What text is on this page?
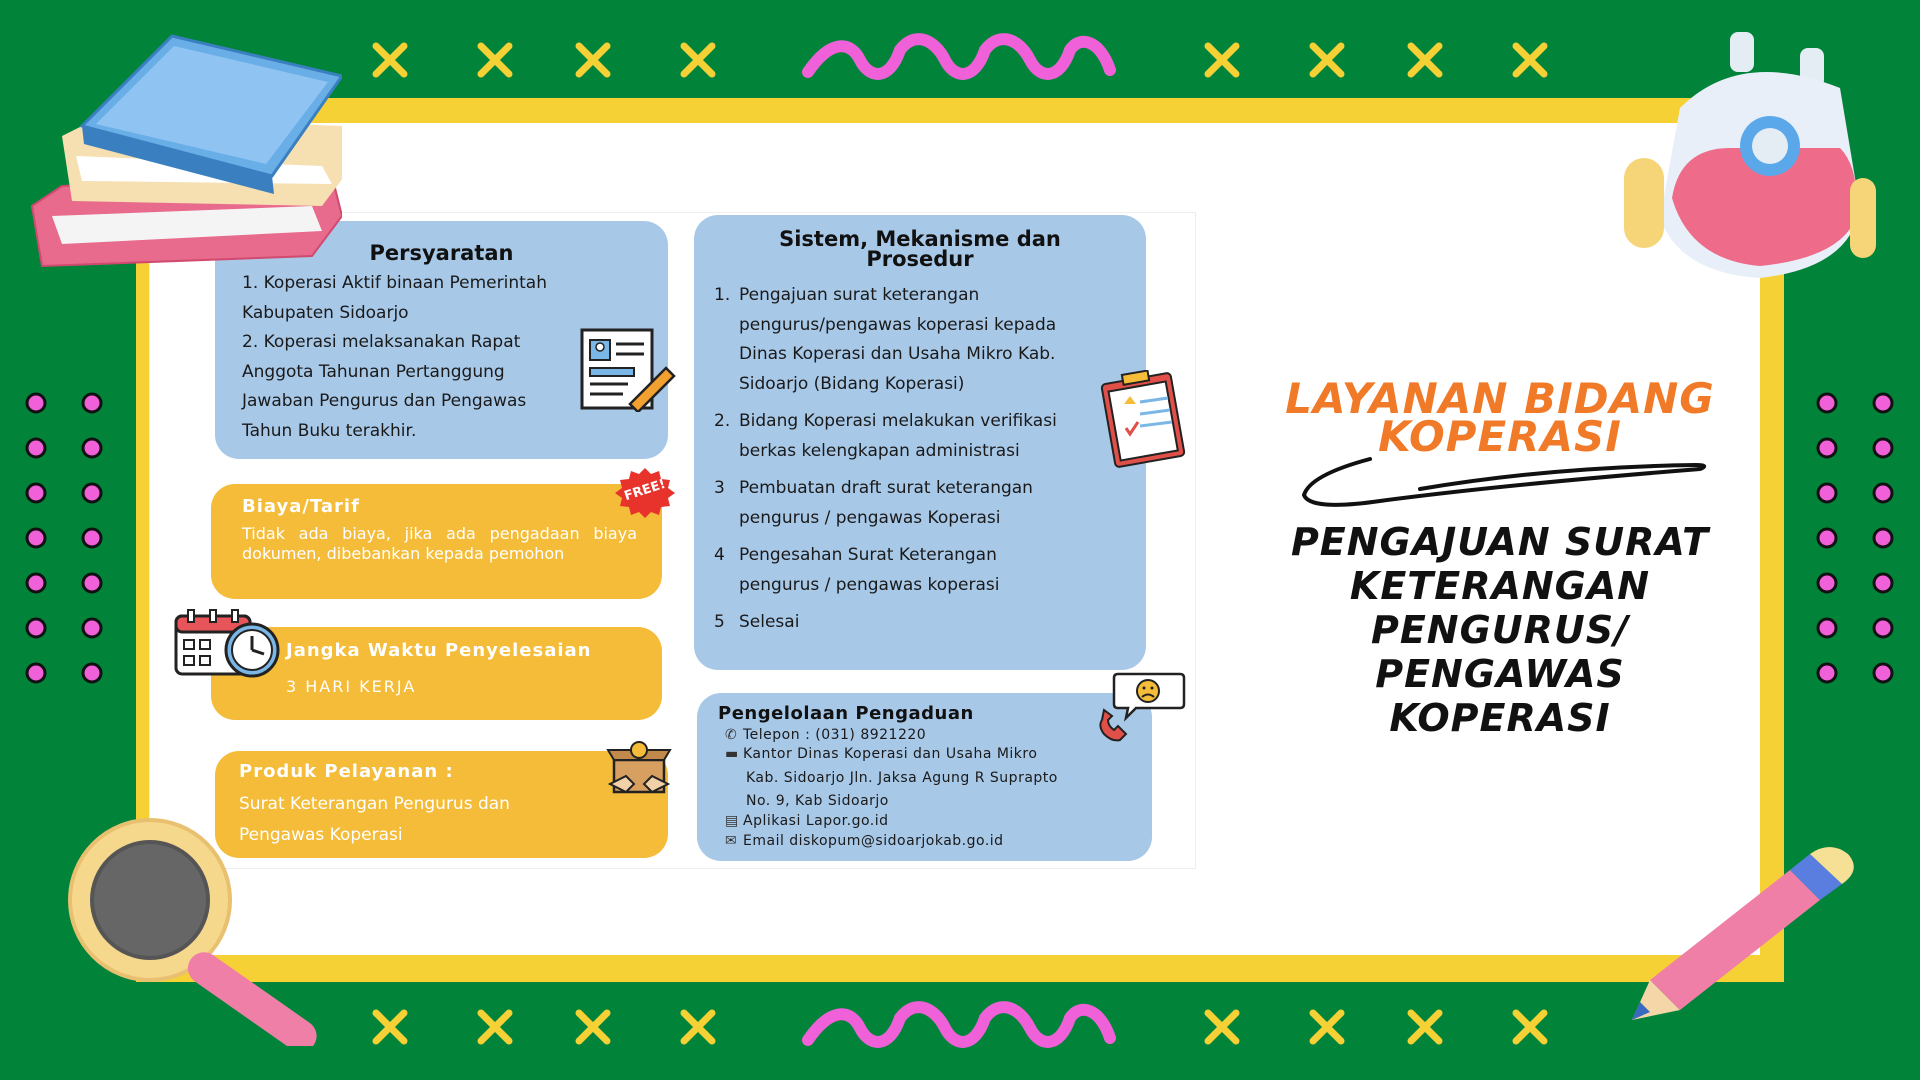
Persyaratan
1. Koperasi Aktif binaan Pemerintah
Kabupaten Sidoarjo
2. Koperasi melaksanakan Rapat
Anggota Tahunan Pertanggung
Jawaban Pengurus dan Pengawas
Tahun Buku terakhir.
Biaya/Tarif
Tidak ada biaya, jika ada pengadaan biaya dokumen, dibebankan kepada pemohon
FREE!
Jangka Waktu Penyelesaian
3 HARI KERJA
Produk Pelayanan :
Surat Keterangan Pengurus dan
Pengawas Koperasi
Sistem, Mekanisme dan
Prosedur
1. Pengajuan surat keterangan
pengurus/pengawas koperasi kepada
Dinas Koperasi dan Usaha Mikro Kab.
Sidoarjo (Bidang Koperasi)
2. Bidang Koperasi melakukan verifikasi
berkas kelengkapan administrasi
3 Pembuatan draft surat keterangan
pengurus / pengawas Koperasi
4 Pengesahan Surat Keterangan
pengurus / pengawas koperasi
5 Selesai
Pengelolaan Pengaduan
✆ Telepon : (031) 8921220
▬ Kantor Dinas Koperasi dan Usaha Mikro
Kab. Sidoarjo Jln. Jaksa Agung R Suprapto
No. 9, Kab Sidoarjo
▤ Aplikasi Lapor.go.id
✉ Email diskopum@sidoarjokab.go.id
LAYANAN BIDANG
KOPERASI
PENGAJUAN SURAT
KETERANGAN
PENGURUS/ PENGAWAS
KOPERASI
